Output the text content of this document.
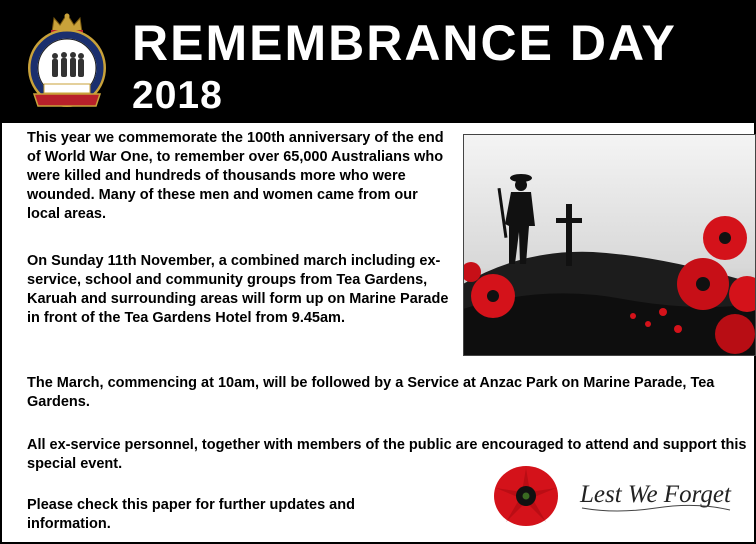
REMEMBRANCE DAY
2018
This year we commemorate the 100th anniversary of the end of World War One, to remember over 65,000 Australians who were killed and hundreds of thousands more who were wounded. Many of these men and women came from our local areas.
On Sunday 11th November, a combined march including ex-service, school and community groups from Tea Gardens, Karuah and surrounding areas will form up on Marine Parade in front of the Tea Gardens Hotel from 9.45am.
The March, commencing at 10am, will be followed by a Service at Anzac Park on Marine Parade, Tea Gardens.
All ex-service personnel, together with members of the public are encouraged to attend and support this special event.
Please check this paper for further updates and information.
Lest We Forget
